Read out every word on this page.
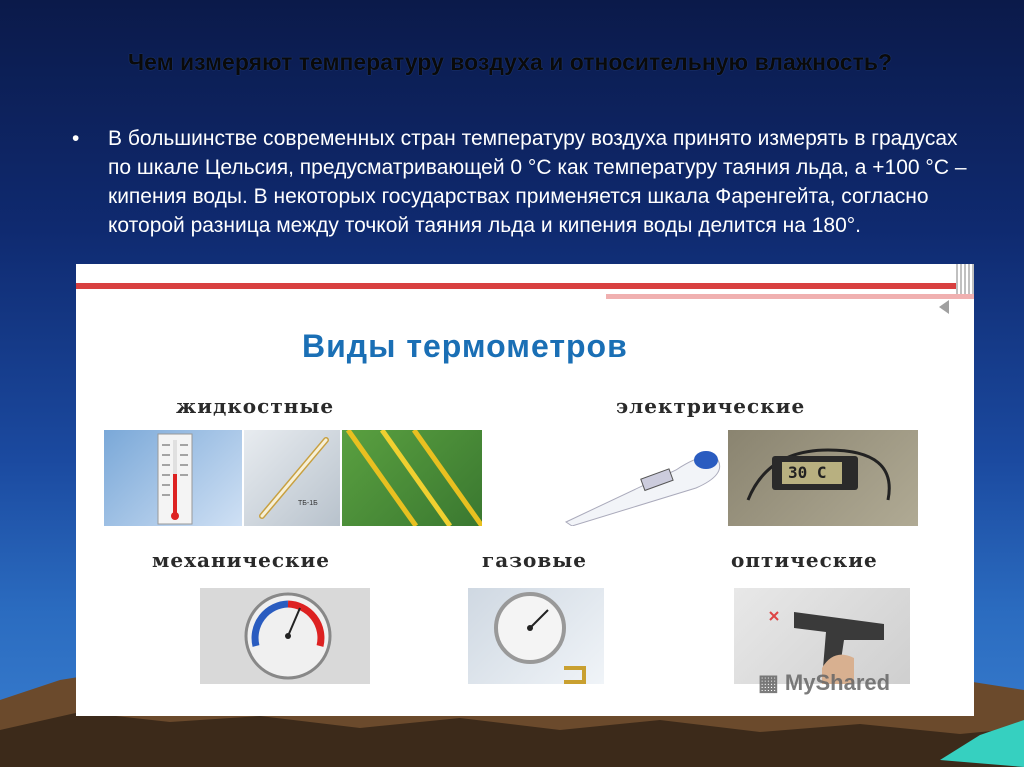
Чем измеряют температуру воздуха и относительную влажность?
•	В большинстве современных стран температуру воздуха принято измерять в градусах по шкале Цельсия, предусматривающей 0 °С как температуру таяния льда, а +100 °С – кипения воды. В некоторых государствах применяется шкала Фаренгейта, согласно которой разница между точкой таяния льда и кипения воды делится на 180°.
Виды термометров
жидкостные	электрические
механические	газовые	оптические
ТБ-1Б
30 C
▦ MyShared
